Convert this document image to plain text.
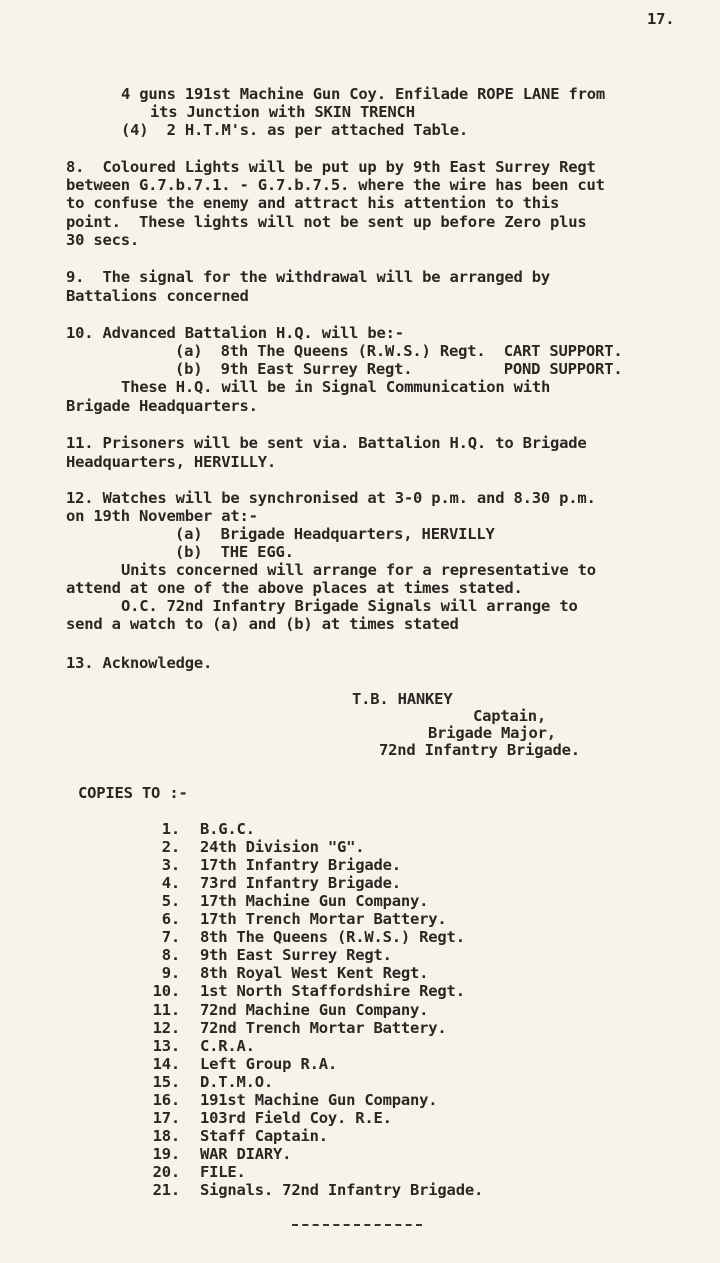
17.
4 guns 191st Machine Gun Coy. Enfilade ROPE LANE from
its Junction with SKIN TRENCH
(4)  2 H.T.M's. as per attached Table.
8.  Coloured Lights will be put up by 9th East Surrey Regt
between G.7.b.7.1. - G.7.b.7.5. where the wire has been cut
to confuse the enemy and attract his attention to this
point.  These lights will not be sent up before Zero plus
30 secs.
9.  The signal for the withdrawal will be arranged by
Battalions concerned
10. Advanced Battalion H.Q. will be:-
(a)  8th The Queens (R.W.S.) Regt.  CART SUPPORT.
(b)  9th East Surrey Regt.          POND SUPPORT.
These H.Q. will be in Signal Communication with
Brigade Headquarters.
11. Prisoners will be sent via. Battalion H.Q. to Brigade
Headquarters, HERVILLY.
12. Watches will be synchronised at 3-0 p.m. and 8.30 p.m.
on 19th November at:-
(a)  Brigade Headquarters, HERVILLY
(b)  THE EGG.
Units concerned will arrange for a representative to
attend at one of the above places at times stated.
O.C. 72nd Infantry Brigade Signals will arrange to
send a watch to (a) and (b) at times stated
13. Acknowledge.
T.B. HANKEY
Captain,
Brigade Major,
72nd Infantry Brigade.
COPIES TO :-
1. B.G.C.
2. 24th Division "G".
3. 17th Infantry Brigade.
4. 73rd Infantry Brigade.
5. 17th Machine Gun Company.
6. 17th Trench Mortar Battery.
7. 8th The Queens (R.W.S.) Regt.
8. 9th East Surrey Regt.
9. 8th Royal West Kent Regt.
10. 1st North Staffordshire Regt.
11. 72nd Machine Gun Company.
12. 72nd Trench Mortar Battery.
13. C.R.A.
14. Left Group R.A.
15. D.T.M.O.
16. 191st Machine Gun Company.
17. 103rd Field Coy. R.E.
18. Staff Captain.
19. WAR DIARY.
20. FILE.
21. Signals. 72nd Infantry Brigade.
